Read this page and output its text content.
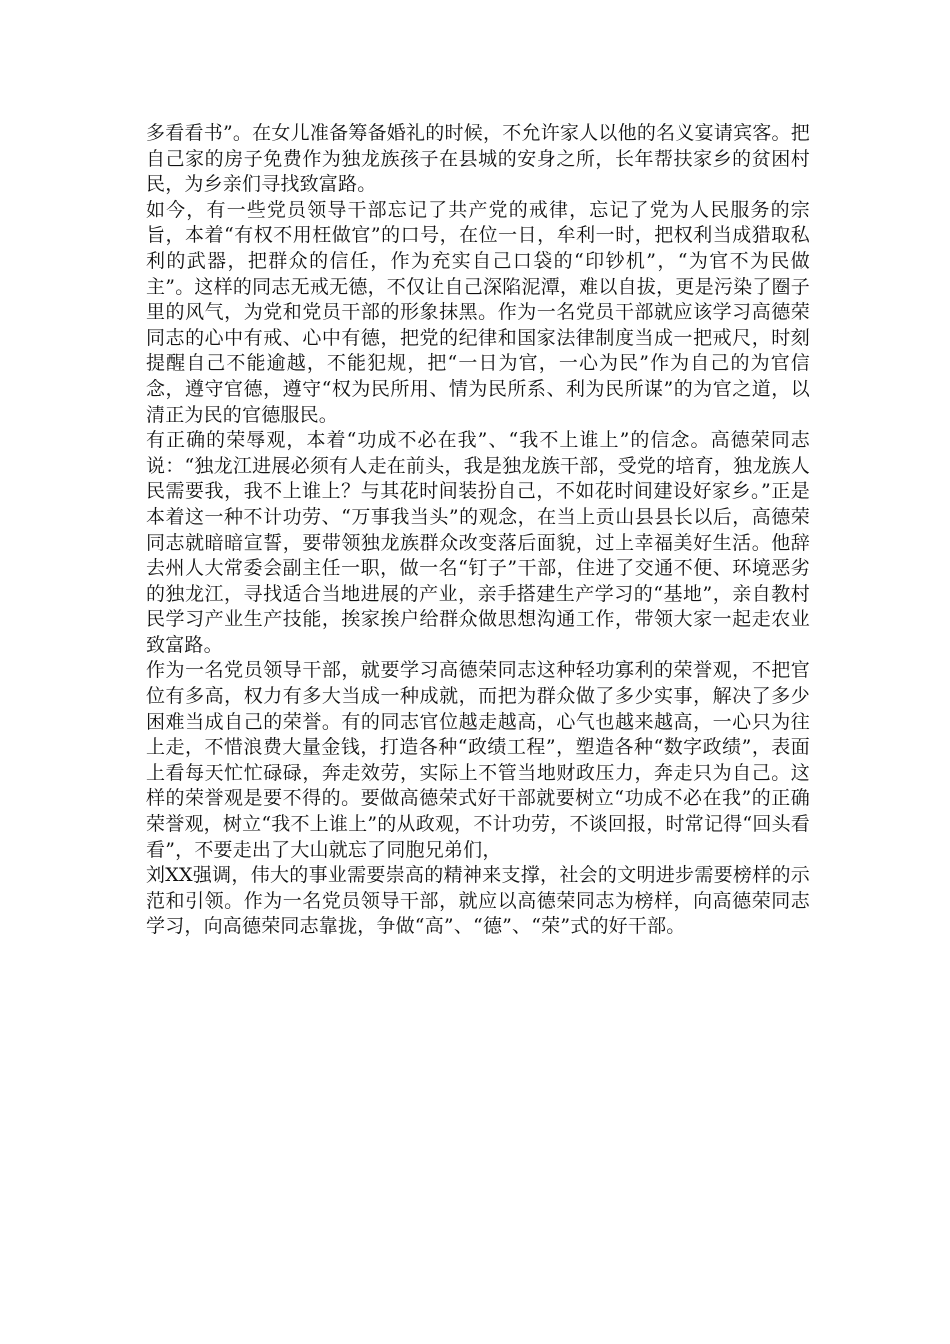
多看看书”。在女儿准备筹备婚礼的时候，不允许家人以他的名义宴请宾客。把自己家的房子免费作为独龙族孩子在县城的安身之所，长年帮扶家乡的贫困村民，为乡亲们寻找致富路。

如今，有一些党员领导干部忘记了共产党的戒律，忘记了党为人民服务的宗旨，本着“有权不用枉做官”的口号，在位一日，牟利一时，把权利当成猎取私利的武器，把群众的信任，作为充实自己口袋的“印钞机”，“为官不为民做主”。这样的同志无戒无德，不仅让自己深陷泥潭，难以自拔，更是污染了圈子里的风气，为党和党员干部的形象抹黑。作为一名党员干部就应该学习高德荣同志的心中有戒、心中有德，把党的纪律和国家法律制度当成一把戒尺，时刻提醒自己不能逾越，不能犯规，把“一日为官，一心为民”作为自己的为官信念，遵守官德，遵守“权为民所用、情为民所系、利为民所谋”的为官之道，以清正为民的官德服民。

有正确的荣辱观，本着“功成不必在我”、“我不上谁上”的信念。高德荣同志说：“独龙江进展必须有人走在前头，我是独龙族干部，受党的培育，独龙族人民需要我，我不上谁上？与其花时间装扮自己，不如花时间建设好家乡。”正是本着这一种不计功劳、“万事我当头”的观念，在当上贡山县县长以后，高德荣同志就暗暗宣誓，要带领独龙族群众改变落后面貌，过上幸福美好生活。他辞去州人大常委会副主任一职，做一名“钉子”干部，住进了交通不便、环境恶劣的独龙江，寻找适合当地进展的产业，亲手搭建生产学习的“基地”，亲自教村民学习产业生产技能，挨家挨户给群众做思想沟通工作，带领大家一起走农业致富路。

作为一名党员领导干部，就要学习高德荣同志这种轻功寡利的荣誉观，不把官位有多高，权力有多大当成一种成就，而把为群众做了多少实事，解决了多少困难当成自己的荣誉。有的同志官位越走越高，心气也越来越高，一心只为往上走，不惜浪费大量金钱，打造各种“政绩工程”，塑造各种“数字政绩”，表面上看每天忙忙碌碌，奔走效劳，实际上不管当地财政压力，奔走只为自己。这样的荣誉观是要不得的。要做高德荣式好干部就要树立“功成不必在我”的正确荣誉观，树立“我不上谁上”的从政观，不计功劳，不谈回报，时常记得“回头看看”，不要走出了大山就忘了同胞兄弟们，

刘XX强调，伟大的事业需要崇高的精神来支撑，社会的文明进步需要榜样的示范和引领。作为一名党员领导干部，就应以高德荣同志为榜样，向高德荣同志学习，向高德荣同志靠拢，争做“高”、“德”、“荣”式的好干部。
